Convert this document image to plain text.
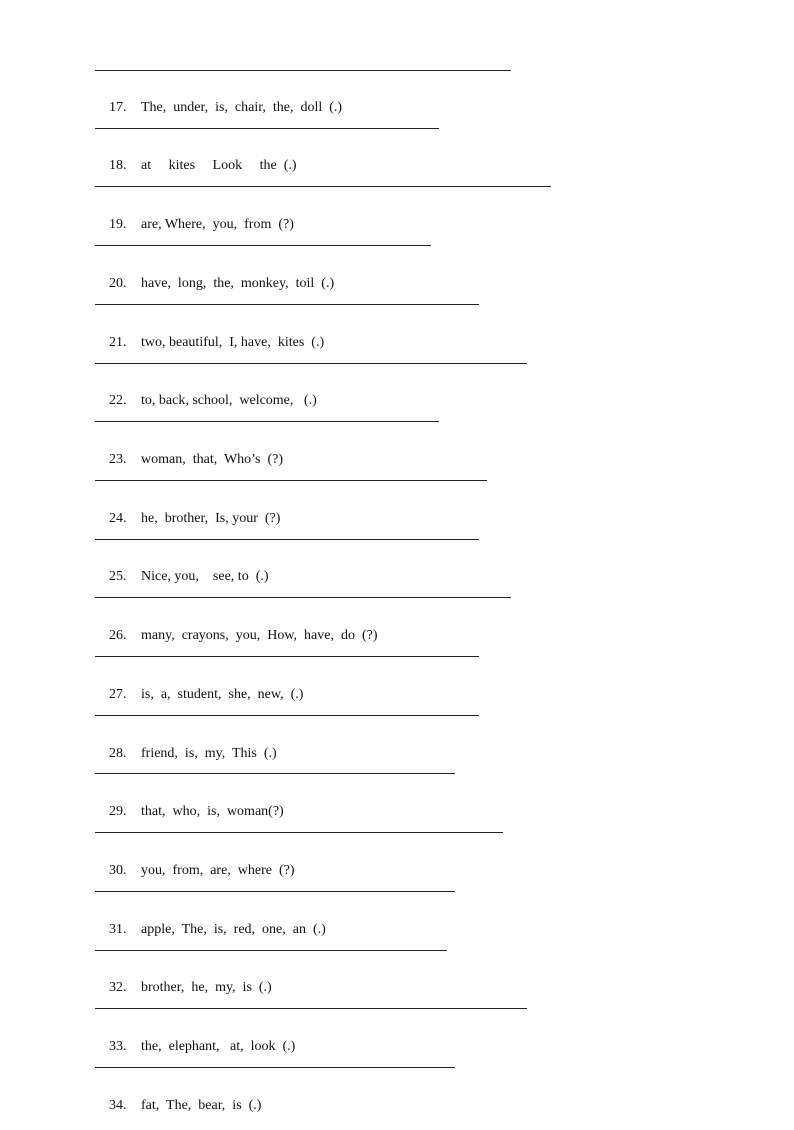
17. The,  under,  is,  chair,  the,  doll  (.)

18. at     kites     Look     the  (.)

19. are, Where,  you,  from  (?)

20. have,  long,  the,  monkey,  toil  (.)

21. two, beautiful,  I, have,  kites  (.)

22. to, back, school,  welcome,   (.)

23. woman,  that,  Who’s  (?)

24. he,  brother,  Is, your  (?)

25. Nice, you,    see, to  (.)

26. many,  crayons,  you,  How,  have,  do  (?)

27. is,  a,  student,  she,  new,  (.)

28. friend,  is,  my,  This  (.)

29. that,  who,  is,  woman(?)

30. you,  from,  are,  where  (?)

31. apple,  The,  is,  red,  one,  an  (.)

32. brother,  he,  my,  is  (.)

33. the,  elephant,   at,  look  (.)

34. fat,  The,  bear,  is  (.)
